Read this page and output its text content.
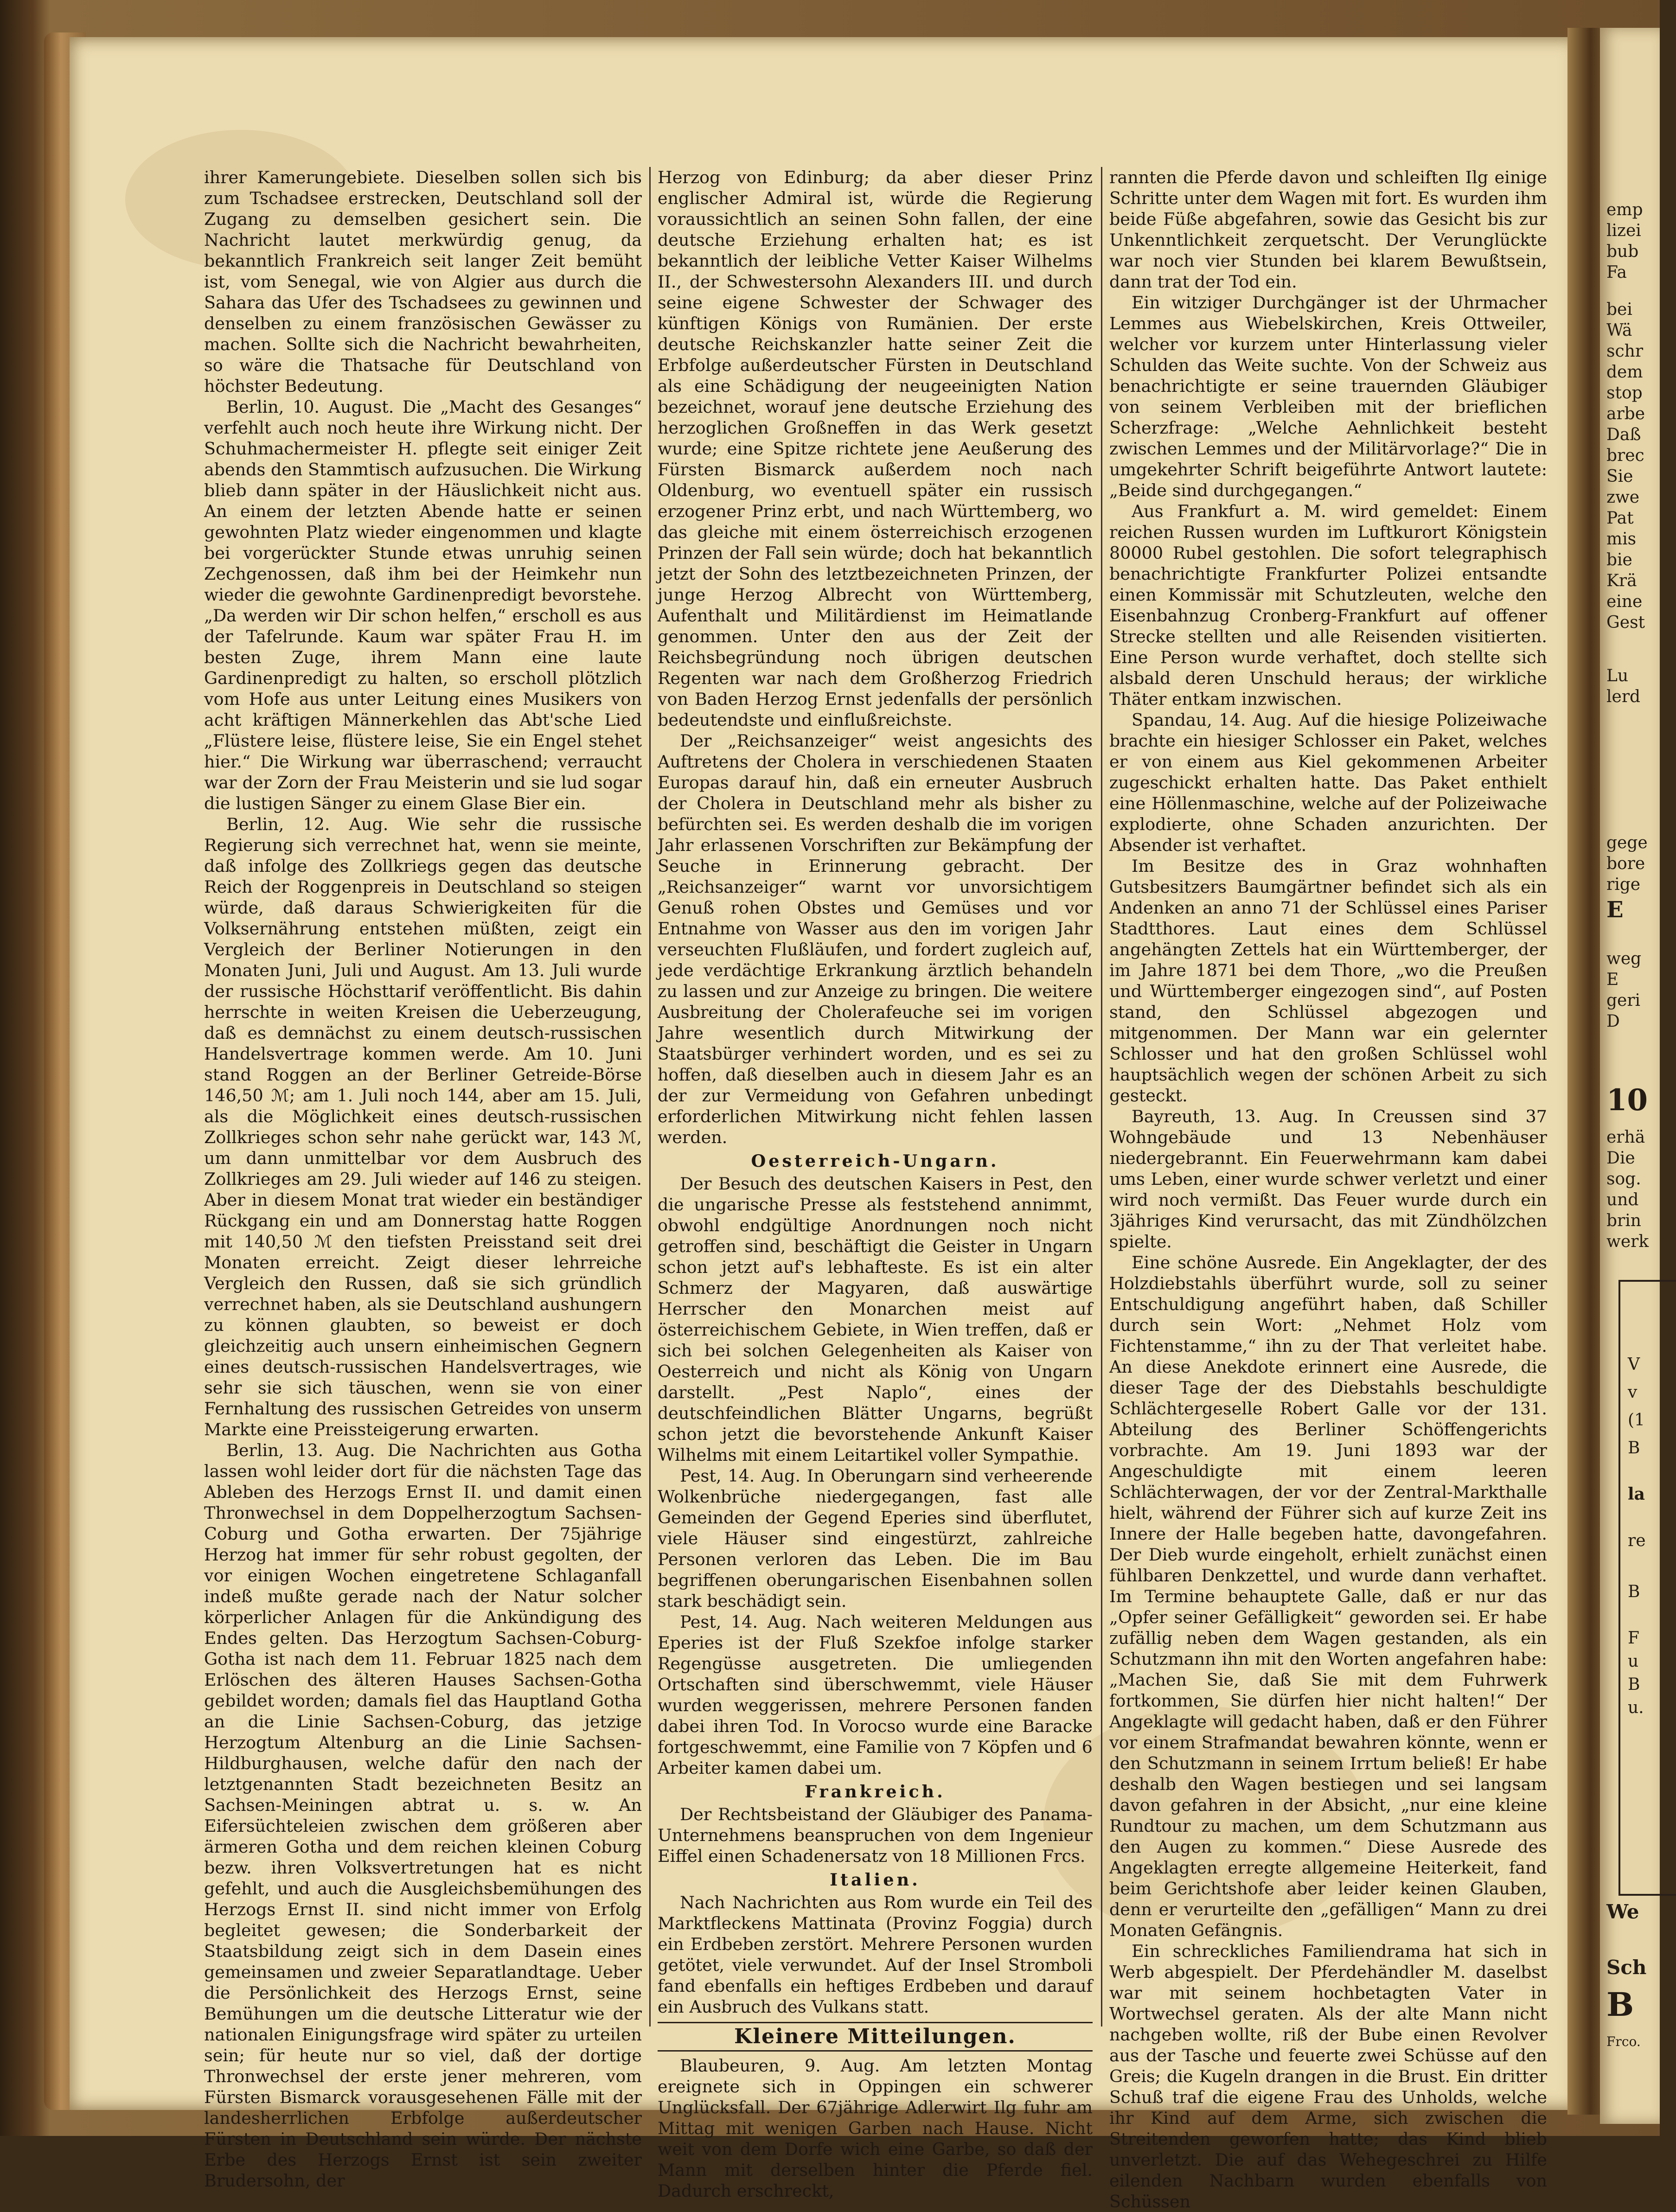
ihrer Kamerungebiete. Dieselben sollen sich bis zum Tschadsee erstrecken, Deutschland soll der Zugang zu demselben gesichert sein. Die Nachricht lautet merkwürdig genug, da bekanntlich Frankreich seit langer Zeit bemüht ist, vom Senegal, wie von Algier aus durch die Sahara das Ufer des Tschadsees zu gewinnen und denselben zu einem französischen Gewässer zu machen. Sollte sich die Nachricht bewahrheiten, so wäre die Thatsache für Deutschland von höchster Bedeutung.

Berlin, 10. August. Die „Macht des Gesanges“ verfehlt auch noch heute ihre Wirkung nicht. Der Schuhmachermeister H. pflegte seit einiger Zeit abends den Stammtisch aufzusuchen. Die Wirkung blieb dann später in der Häuslichkeit nicht aus. An einem der letzten Abende hatte er seinen gewohnten Platz wieder eingenommen und klagte bei vorgerückter Stunde etwas unruhig seinen Zechgenossen, daß ihm bei der Heimkehr nun wieder die gewohnte Gardinenpredigt bevorstehe. „Da werden wir Dir schon helfen,“ erscholl es aus der Tafelrunde. Kaum war später Frau H. im besten Zuge, ihrem Mann eine laute Gardinenpredigt zu halten, so erscholl plötzlich vom Hofe aus unter Leitung eines Musikers von acht kräftigen Männerkehlen das Abt'sche Lied „Flüstere leise, flüstere leise, Sie ein Engel stehet hier.“ Die Wirkung war überraschend; verraucht war der Zorn der Frau Meisterin und sie lud sogar die lustigen Sänger zu einem Glase Bier ein.

Berlin, 12. Aug. Wie sehr die russische Regierung sich verrechnet hat, wenn sie meinte, daß infolge des Zollkriegs gegen das deutsche Reich der Roggenpreis in Deutschland so steigen würde, daß daraus Schwierigkeiten für die Volksernährung entstehen müßten, zeigt ein Vergleich der Berliner Notierungen in den Monaten Juni, Juli und August. Am 13. Juli wurde der russische Höchsttarif veröffentlicht. Bis dahin herrschte in weiten Kreisen die Ueberzeugung, daß es demnächst zu einem deutsch-russischen Handelsvertrage kommen werde. Am 10. Juni stand Roggen an der Berliner Getreide-Börse 146,50 ℳ; am 1. Juli noch 144, aber am 15. Juli, als die Möglichkeit eines deutsch-russischen Zollkrieges schon sehr nahe gerückt war, 143 ℳ, um dann unmittelbar vor dem Ausbruch des Zollkrieges am 29. Juli wieder auf 146 zu steigen. Aber in diesem Monat trat wieder ein beständiger Rückgang ein und am Donnerstag hatte Roggen mit 140,50 ℳ den tiefsten Preisstand seit drei Monaten erreicht. Zeigt dieser lehrreiche Vergleich den Russen, daß sie sich gründlich verrechnet haben, als sie Deutschland aushungern zu können glaubten, so beweist er doch gleichzeitig auch unsern einheimischen Gegnern eines deutsch-russischen Handelsvertrages, wie sehr sie sich täuschen, wenn sie von einer Fernhaltung des russischen Getreides von unserm Markte eine Preissteigerung erwarten.

Berlin, 13. Aug. Die Nachrichten aus Gotha lassen wohl leider dort für die nächsten Tage das Ableben des Herzogs Ernst II. und damit einen Thronwechsel in dem Doppelherzogtum Sachsen-Coburg und Gotha erwarten. Der 75jährige Herzog hat immer für sehr robust gegolten, der vor einigen Wochen eingetretene Schlaganfall indeß mußte gerade nach der Natur solcher körperlicher Anlagen für die Ankündigung des Endes gelten. Das Herzogtum Sachsen-Coburg-Gotha ist nach dem 11. Februar 1825 nach dem Erlöschen des älteren Hauses Sachsen-Gotha gebildet worden; damals fiel das Hauptland Gotha an die Linie Sachsen-Coburg, das jetzige Herzogtum Altenburg an die Linie Sachsen-Hildburghausen, welche dafür den nach der letztgenannten Stadt bezeichneten Besitz an Sachsen-Meiningen abtrat u. s. w. An Eifersüchteleien zwischen dem größeren aber ärmeren Gotha und dem reichen kleinen Coburg bezw. ihren Volksvertretungen hat es nicht gefehlt, und auch die Ausgleichsbemühungen des Herzogs Ernst II. sind nicht immer von Erfolg begleitet gewesen; die Sonderbarkeit der Staatsbildung zeigt sich in dem Dasein eines gemeinsamen und zweier Separatlandtage. Ueber die Persönlichkeit des Herzogs Ernst, seine Bemühungen um die deutsche Litteratur wie der nationalen Einigungsfrage wird später zu urteilen sein; für heute nur so viel, daß der dortige Thronwechsel der erste jener mehreren, vom Fürsten Bismarck vorausgesehenen Fälle mit der landesherrlichen Erbfolge außerdeutscher Fürsten in Deutschland sein würde. Der nächste Erbe des Herzogs Ernst ist sein zweiter Brudersohn, der

Herzog von Edinburg; da aber dieser Prinz englischer Admiral ist, würde die Regierung voraussichtlich an seinen Sohn fallen, der eine deutsche Erziehung erhalten hat; es ist bekanntlich der leibliche Vetter Kaiser Wilhelms II., der Schwestersohn Alexanders III. und durch seine eigene Schwester der Schwager des künftigen Königs von Rumänien. Der erste deutsche Reichskanzler hatte seiner Zeit die Erbfolge außerdeutscher Fürsten in Deutschland als eine Schädigung der neugeeinigten Nation bezeichnet, worauf jene deutsche Erziehung des herzoglichen Großneffen in das Werk gesetzt wurde; eine Spitze richtete jene Aeußerung des Fürsten Bismarck außerdem noch nach Oldenburg, wo eventuell später ein russisch erzogener Prinz erbt, und nach Württemberg, wo das gleiche mit einem österreichisch erzogenen Prinzen der Fall sein würde; doch hat bekanntlich jetzt der Sohn des letztbezeichneten Prinzen, der junge Herzog Albrecht von Württemberg, Aufenthalt und Militärdienst im Heimatlande genommen. Unter den aus der Zeit der Reichsbegründung noch übrigen deutschen Regenten war nach dem Großherzog Friedrich von Baden Herzog Ernst jedenfalls der persönlich bedeutendste und einflußreichste.

Der „Reichsanzeiger“ weist angesichts des Auftretens der Cholera in verschiedenen Staaten Europas darauf hin, daß ein erneuter Ausbruch der Cholera in Deutschland mehr als bisher zu befürchten sei. Es werden deshalb die im vorigen Jahr erlassenen Vorschriften zur Bekämpfung der Seuche in Erinnerung gebracht. Der „Reichsanzeiger“ warnt vor unvorsichtigem Genuß rohen Obstes und Gemüses und vor Entnahme von Wasser aus den im vorigen Jahr verseuchten Flußläufen, und fordert zugleich auf, jede verdächtige Erkrankung ärztlich behandeln zu lassen und zur Anzeige zu bringen. Die weitere Ausbreitung der Cholerafeuche sei im vorigen Jahre wesentlich durch Mitwirkung der Staatsbürger verhindert worden, und es sei zu hoffen, daß dieselben auch in diesem Jahr es an der zur Vermeidung von Gefahren unbedingt erforderlichen Mitwirkung nicht fehlen lassen werden.

Oesterreich-Ungarn.

Der Besuch des deutschen Kaisers in Pest, den die ungarische Presse als feststehend annimmt, obwohl endgültige Anordnungen noch nicht getroffen sind, beschäftigt die Geister in Ungarn schon jetzt auf's lebhafteste. Es ist ein alter Schmerz der Magyaren, daß auswärtige Herrscher den Monarchen meist auf österreichischem Gebiete, in Wien treffen, daß er sich bei solchen Gelegenheiten als Kaiser von Oesterreich und nicht als König von Ungarn darstellt. „Pest Naplo“, eines der deutschfeindlichen Blätter Ungarns, begrüßt schon jetzt die bevorstehende Ankunft Kaiser Wilhelms mit einem Leitartikel voller Sympathie.

Pest, 14. Aug. In Oberungarn sind verheerende Wolkenbrüche niedergegangen, fast alle Gemeinden der Gegend Eperies sind überflutet, viele Häuser sind eingestürzt, zahlreiche Personen verloren das Leben. Die im Bau begriffenen oberungarischen Eisenbahnen sollen stark beschädigt sein.

Pest, 14. Aug. Nach weiteren Meldungen aus Eperies ist der Fluß Szekfoe infolge starker Regengüsse ausgetreten. Die umliegenden Ortschaften sind überschwemmt, viele Häuser wurden weggerissen, mehrere Personen fanden dabei ihren Tod. In Vorocso wurde eine Baracke fortgeschwemmt, eine Familie von 7 Köpfen und 6 Arbeiter kamen dabei um.

Frankreich.

Der Rechtsbeistand der Gläubiger des Panama-Unternehmens beanspruchen von dem Ingenieur Eiffel einen Schadenersatz von 18 Millionen Frcs.

Italien.

Nach Nachrichten aus Rom wurde ein Teil des Marktfleckens Mattinata (Provinz Foggia) durch ein Erdbeben zerstört. Mehrere Personen wurden getötet, viele verwundet. Auf der Insel Stromboli fand ebenfalls ein heftiges Erdbeben und darauf ein Ausbruch des Vulkans statt.

Kleinere Mitteilungen.

Blaubeuren, 9. Aug. Am letzten Montag ereignete sich in Oppingen ein schwerer Unglücksfall. Der 67jährige Adlerwirt Ilg fuhr am Mittag mit wenigen Garben nach Hause. Nicht weit von dem Dorfe wich eine Garbe, so daß der Mann mit derselben hinter die Pferde fiel. Dadurch erschreckt,

rannten die Pferde davon und schleiften Ilg einige Schritte unter dem Wagen mit fort. Es wurden ihm beide Füße abgefahren, sowie das Gesicht bis zur Unkenntlichkeit zerquetscht. Der Verunglückte war noch vier Stunden bei klarem Bewußtsein, dann trat der Tod ein.

Ein witziger Durchgänger ist der Uhrmacher Lemmes aus Wiebelskirchen, Kreis Ottweiler, welcher vor kurzem unter Hinterlassung vieler Schulden das Weite suchte. Von der Schweiz aus benachrichtigte er seine trauernden Gläubiger von seinem Verbleiben mit der brieflichen Scherzfrage: „Welche Aehnlichkeit besteht zwischen Lemmes und der Militärvorlage?“ Die in umgekehrter Schrift beigeführte Antwort lautete: „Beide sind durchgegangen.“

Aus Frankfurt a. M. wird gemeldet: Einem reichen Russen wurden im Luftkurort Königstein 80000 Rubel gestohlen. Die sofort telegraphisch benachrichtigte Frankfurter Polizei entsandte einen Kommissär mit Schutzleuten, welche den Eisenbahnzug Cronberg-Frankfurt auf offener Strecke stellten und alle Reisenden visitierten. Eine Person wurde verhaftet, doch stellte sich alsbald deren Unschuld heraus; der wirkliche Thäter entkam inzwischen.

Spandau, 14. Aug. Auf die hiesige Polizeiwache brachte ein hiesiger Schlosser ein Paket, welches er von einem aus Kiel gekommenen Arbeiter zugeschickt erhalten hatte. Das Paket enthielt eine Höllenmaschine, welche auf der Polizeiwache explodierte, ohne Schaden anzurichten. Der Absender ist verhaftet.

Im Besitze des in Graz wohnhaften Gutsbesitzers Baumgärtner befindet sich als ein Andenken an anno 71 der Schlüssel eines Pariser Stadtthores. Laut eines dem Schlüssel angehängten Zettels hat ein Württemberger, der im Jahre 1871 bei dem Thore, „wo die Preußen und Württemberger eingezogen sind“, auf Posten stand, den Schlüssel abgezogen und mitgenommen. Der Mann war ein gelernter Schlosser und hat den großen Schlüssel wohl hauptsächlich wegen der schönen Arbeit zu sich gesteckt.

Bayreuth, 13. Aug. In Creussen sind 37 Wohngebäude und 13 Nebenhäuser niedergebrannt. Ein Feuerwehrmann kam dabei ums Leben, einer wurde schwer verletzt und einer wird noch vermißt. Das Feuer wurde durch ein 3jähriges Kind verursacht, das mit Zündhölzchen spielte.

Eine schöne Ausrede. Ein Angeklagter, der des Holzdiebstahls überführt wurde, soll zu seiner Entschuldigung angeführt haben, daß Schiller durch sein Wort: „Nehmet Holz vom Fichtenstamme,“ ihn zu der That verleitet habe. An diese Anekdote erinnert eine Ausrede, die dieser Tage der des Diebstahls beschuldigte Schlächtergeselle Robert Galle vor der 131. Abteilung des Berliner Schöffengerichts vorbrachte. Am 19. Juni 1893 war der Angeschuldigte mit einem leeren Schlächterwagen, der vor der Zentral-Markthalle hielt, während der Führer sich auf kurze Zeit ins Innere der Halle begeben hatte, davongefahren. Der Dieb wurde eingeholt, erhielt zunächst einen fühlbaren Denkzettel, und wurde dann verhaftet. Im Termine behauptete Galle, daß er nur das „Opfer seiner Gefälligkeit“ geworden sei. Er habe zufällig neben dem Wagen gestanden, als ein Schutzmann ihn mit den Worten angefahren habe: „Machen Sie, daß Sie mit dem Fuhrwerk fortkommen, Sie dürfen hier nicht halten!“ Der Angeklagte will gedacht haben, daß er den Führer vor einem Strafmandat bewahren könnte, wenn er den Schutzmann in seinem Irrtum beließ! Er habe deshalb den Wagen bestiegen und sei langsam davon gefahren in der Absicht, „nur eine kleine Rundtour zu machen, um dem Schutzmann aus den Augen zu kommen.“ Diese Ausrede des Angeklagten erregte allgemeine Heiterkeit, fand beim Gerichtshofe aber leider keinen Glauben, denn er verurteilte den „gefälligen“ Mann zu drei Monaten Gefängnis.

Ein schreckliches Familiendrama hat sich in Werb abgespielt. Der Pferdehändler M. daselbst war mit seinem hochbetagten Vater in Wortwechsel geraten. Als der alte Mann nicht nachgeben wollte, riß der Bube einen Revolver aus der Tasche und feuerte zwei Schüsse auf den Greis; die Kugeln drangen in die Brust. Ein dritter Schuß traf die eigene Frau des Unholds, welche ihr Kind auf dem Arme, sich zwischen die Streitenden geworfen hatte; das Kind blieb unverletzt. Die auf das Wehegeschrei zu Hilfe eilenden Nachbarn wurden ebenfalls von Schüssen

emp
lizei
bub
Fa
bei
Wä
schr
dem
stop
arbe
Daß
brec
Sie
zwe
Pat
mis
bie
Krä
eine
Gest
Lu
lerd
gege
bore
rige
E
weg
E
geri
D
10
erhä
Die
sog.
und
brin
werk
V
v
(1
B
la
re
B
F
u
B
u.
We
Sch
B
Frco.
